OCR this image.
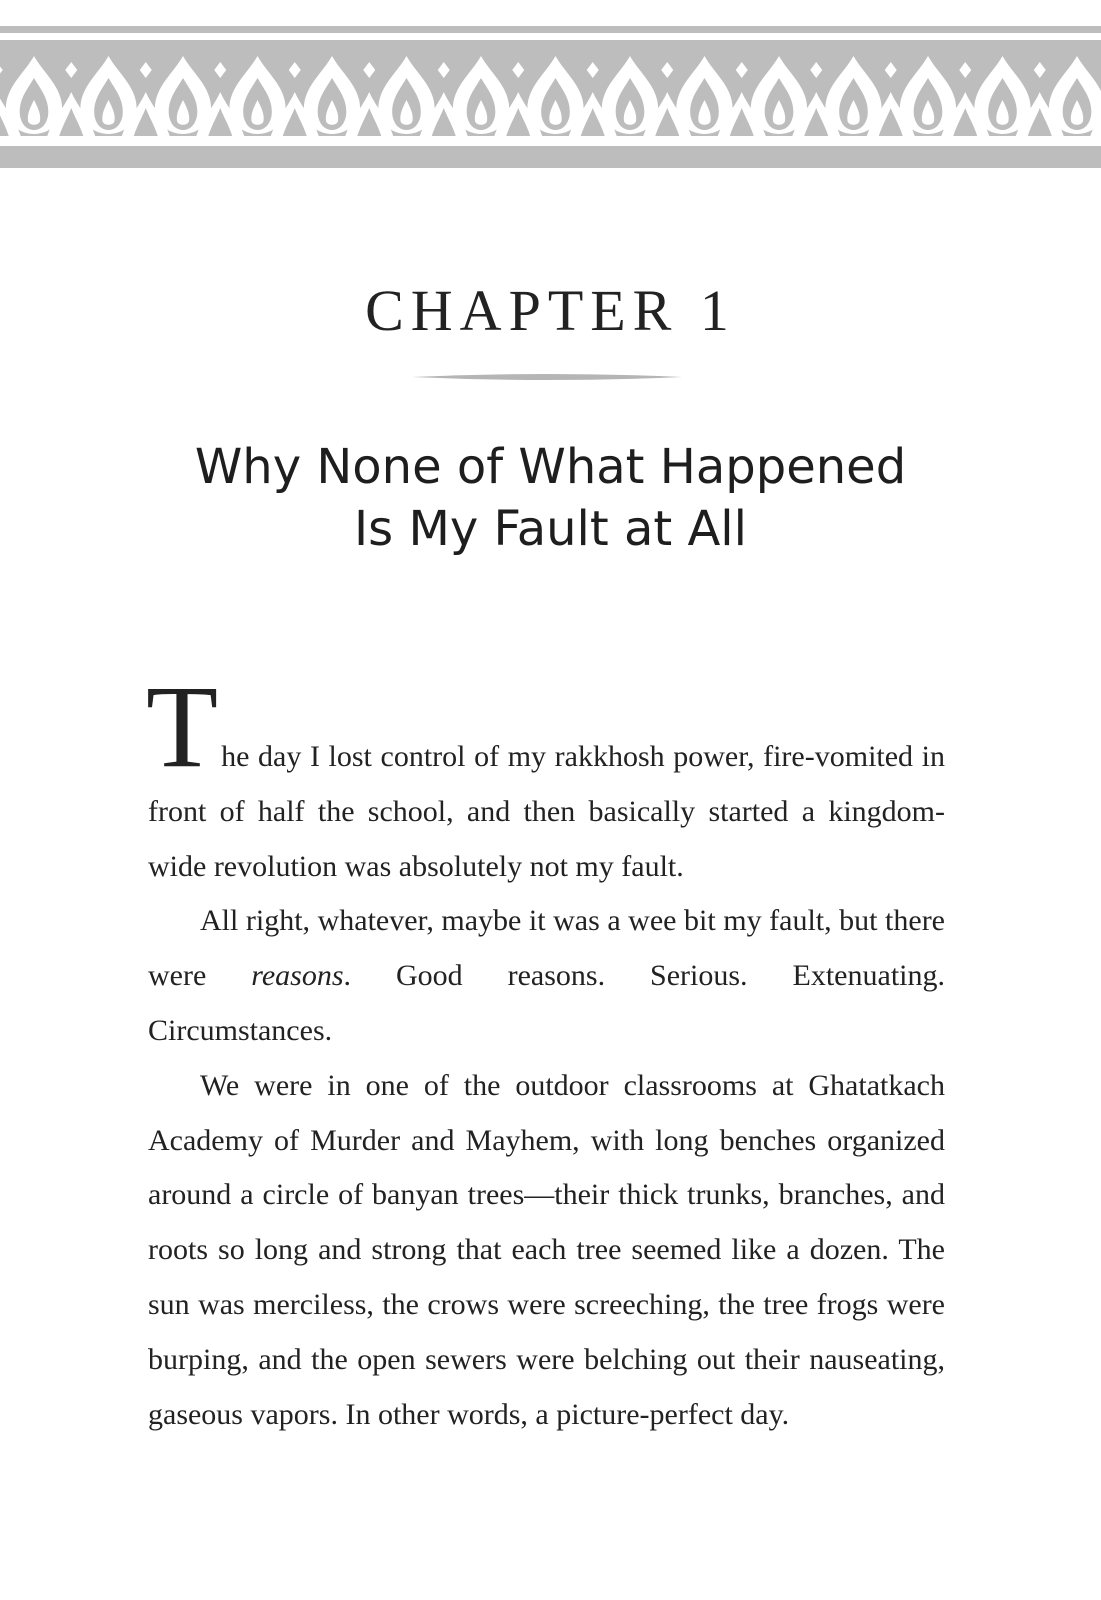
CHAPTER 1
Why None of What Happened
Is My Fault at All

The day I lost control of my rakkhosh power, fire-vomited in front of half the school, and then basically started a kingdom-wide revolution was absolutely not my fault.

All right, whatever, maybe it was a wee bit my fault, but there were reasons. Good reasons. Serious. Extenuating. Circumstances.

We were in one of the outdoor classrooms at Ghatatkach Academy of Murder and Mayhem, with long benches organized around a circle of banyan trees—their thick trunks, branches, and roots so long and strong that each tree seemed like a dozen. The sun was merciless, the crows were screeching, the tree frogs were burping, and the open sewers were belching out their nauseating, gaseous vapors. In other words, a picture-perfect day.
